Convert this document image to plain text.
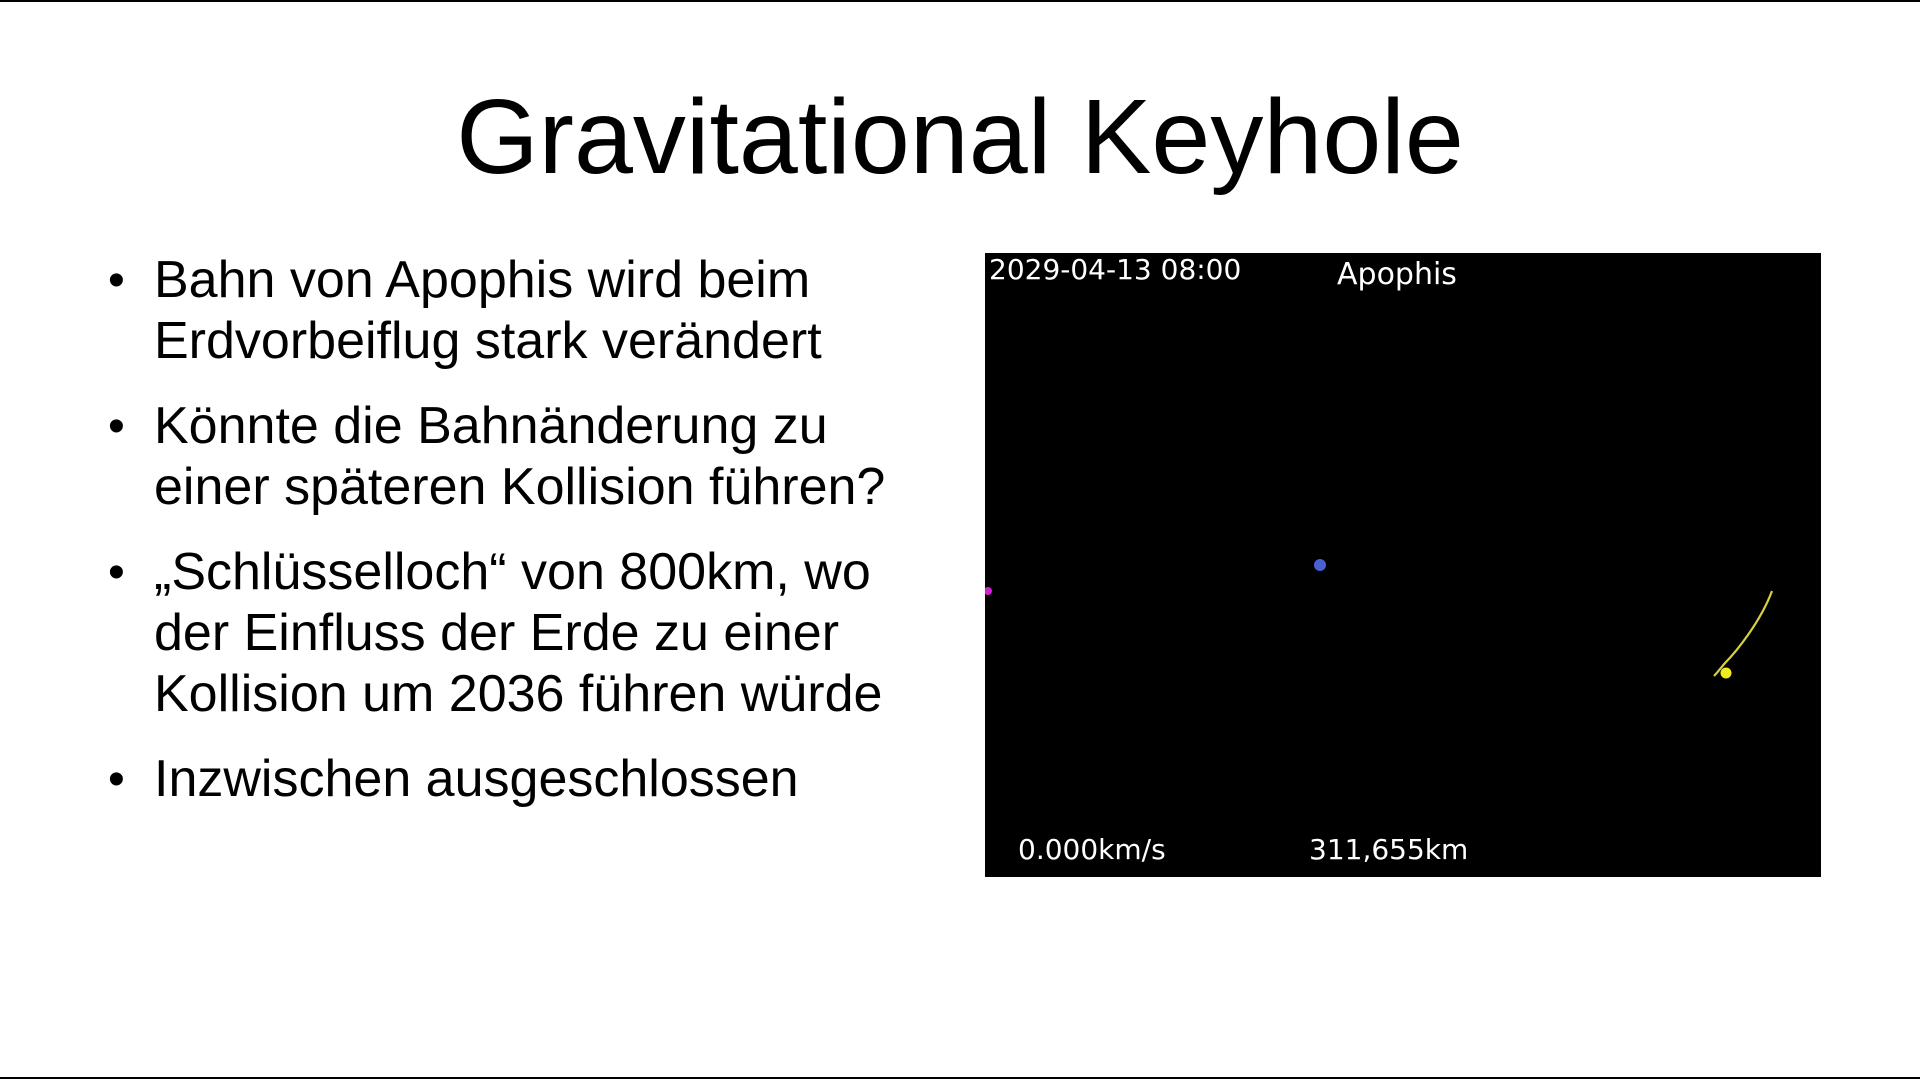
Gravitational Keyhole
• Bahn von Apophis wird beim
Erdvorbeiflug stark verändert
• Könnte die Bahnänderung zu
einer späteren Kollision führen?
• „Schlüsselloch“ von 800km, wo
der Einfluss der Erde zu einer
Kollision um 2036 führen würde
• Inzwischen ausgeschlossen
2029-04-13 08:00	Apophis
0.000km/s	311,655km
